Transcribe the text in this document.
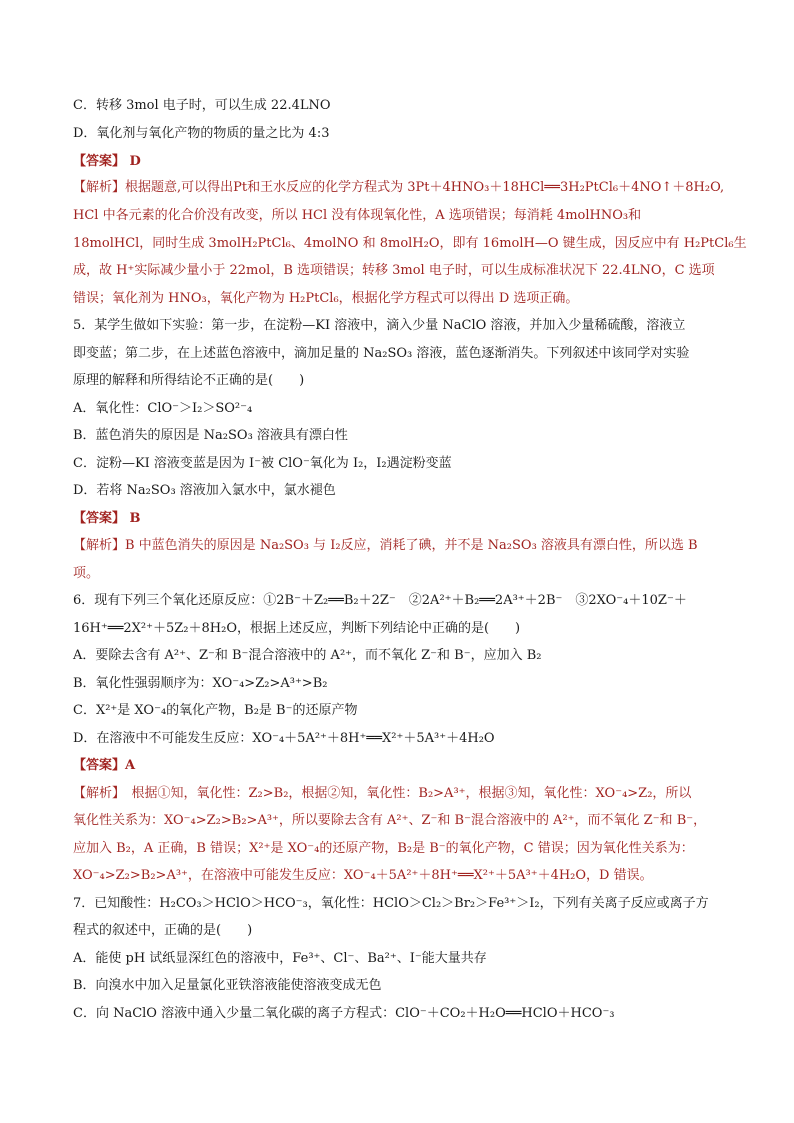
C．转移 3mol 电子时，可以生成 22.4LNO
D．氧化剂与氧化产物的物质的量之比为 4:3
【答案】 D
【解析】根据题意,可以得出Pt和王水反应的化学方程式为 3Pt＋4HNO₃＋18HCl══3H₂PtCl₆＋4NO↑＋8H₂O,
HCl 中各元素的化合价没有改变，所以 HCl 没有体现氧化性，A 选项错误；每消耗 4molHNO₃和
18molHCl，同时生成 3molH₂PtCl₆、4molNO 和 8molH₂O，即有 16molH—O 键生成，因反应中有 H₂PtCl₆生
成，故 H⁺实际减少量小于 22mol，B 选项错误；转移 3mol 电子时，可以生成标准状况下 22.4LNO，C 选项
错误；氧化剂为 HNO₃，氧化产物为 H₂PtCl₆，根据化学方程式可以得出 D 选项正确。
5．某学生做如下实验：第一步，在淀粉—KI 溶液中，滴入少量 NaClO 溶液，并加入少量稀硫酸，溶液立
即变蓝；第二步，在上述蓝色溶液中，滴加足量的 Na₂SO₃ 溶液，蓝色逐渐消失。下列叙述中该同学对实验
原理的解释和所得结论不正确的是(　　)
A．氧化性：ClO⁻＞I₂＞SO²⁻₄
B．蓝色消失的原因是 Na₂SO₃ 溶液具有漂白性
C．淀粉—KI 溶液变蓝是因为 I⁻被 ClO⁻氧化为 I₂，I₂遇淀粉变蓝
D．若将 Na₂SO₃ 溶液加入氯水中，氯水褪色
【答案】 B
【解析】B 中蓝色消失的原因是 Na₂SO₃ 与 I₂反应，消耗了碘，并不是 Na₂SO₃ 溶液具有漂白性，所以选 B
项。
6．现有下列三个氧化还原反应：①2B⁻＋Z₂══B₂＋2Z⁻　②2A²⁺＋B₂══2A³⁺＋2B⁻　③2XO⁻₄＋10Z⁻＋
16H⁺══2X²⁺＋5Z₂＋8H₂O，根据上述反应，判断下列结论中正确的是(　　)
A．要除去含有 A²⁺、Z⁻和 B⁻混合溶液中的 A²⁺，而不氧化 Z⁻和 B⁻，应加入 B₂
B．氧化性强弱顺序为：XO⁻₄>Z₂>A³⁺>B₂
C．X²⁺是 XO⁻₄的氧化产物，B₂是 B⁻的还原产物
D．在溶液中不可能发生反应：XO⁻₄＋5A²⁺＋8H⁺══X²⁺＋5A³⁺＋4H₂O
【答案】A
【解析】　根据①知，氧化性：Z₂>B₂，根据②知，氧化性：B₂>A³⁺，根据③知，氧化性：XO⁻₄>Z₂，所以
氧化性关系为：XO⁻₄>Z₂>B₂>A³⁺，所以要除去含有 A²⁺、Z⁻和 B⁻混合溶液中的 A²⁺，而不氧化 Z⁻和 B⁻，
应加入 B₂，A 正确，B 错误；X²⁺是 XO⁻₄的还原产物，B₂是 B⁻的氧化产物，C 错误；因为氧化性关系为：
XO⁻₄>Z₂>B₂>A³⁺，在溶液中可能发生反应：XO⁻₄＋5A²⁺＋8H⁺══X²⁺＋5A³⁺＋4H₂O，D 错误。
7．已知酸性：H₂CO₃＞HClO＞HCO⁻₃，氧化性：HClO＞Cl₂＞Br₂＞Fe³⁺＞I₂，下列有关离子反应或离子方
程式的叙述中，正确的是(　　)
A．能使 pH 试纸显深红色的溶液中，Fe³⁺、Cl⁻、Ba²⁺、I⁻能大量共存
B．向溴水中加入足量氯化亚铁溶液能使溶液变成无色
C．向 NaClO 溶液中通入少量二氧化碳的离子方程式：ClO⁻＋CO₂＋H₂O══HClO＋HCO⁻₃
